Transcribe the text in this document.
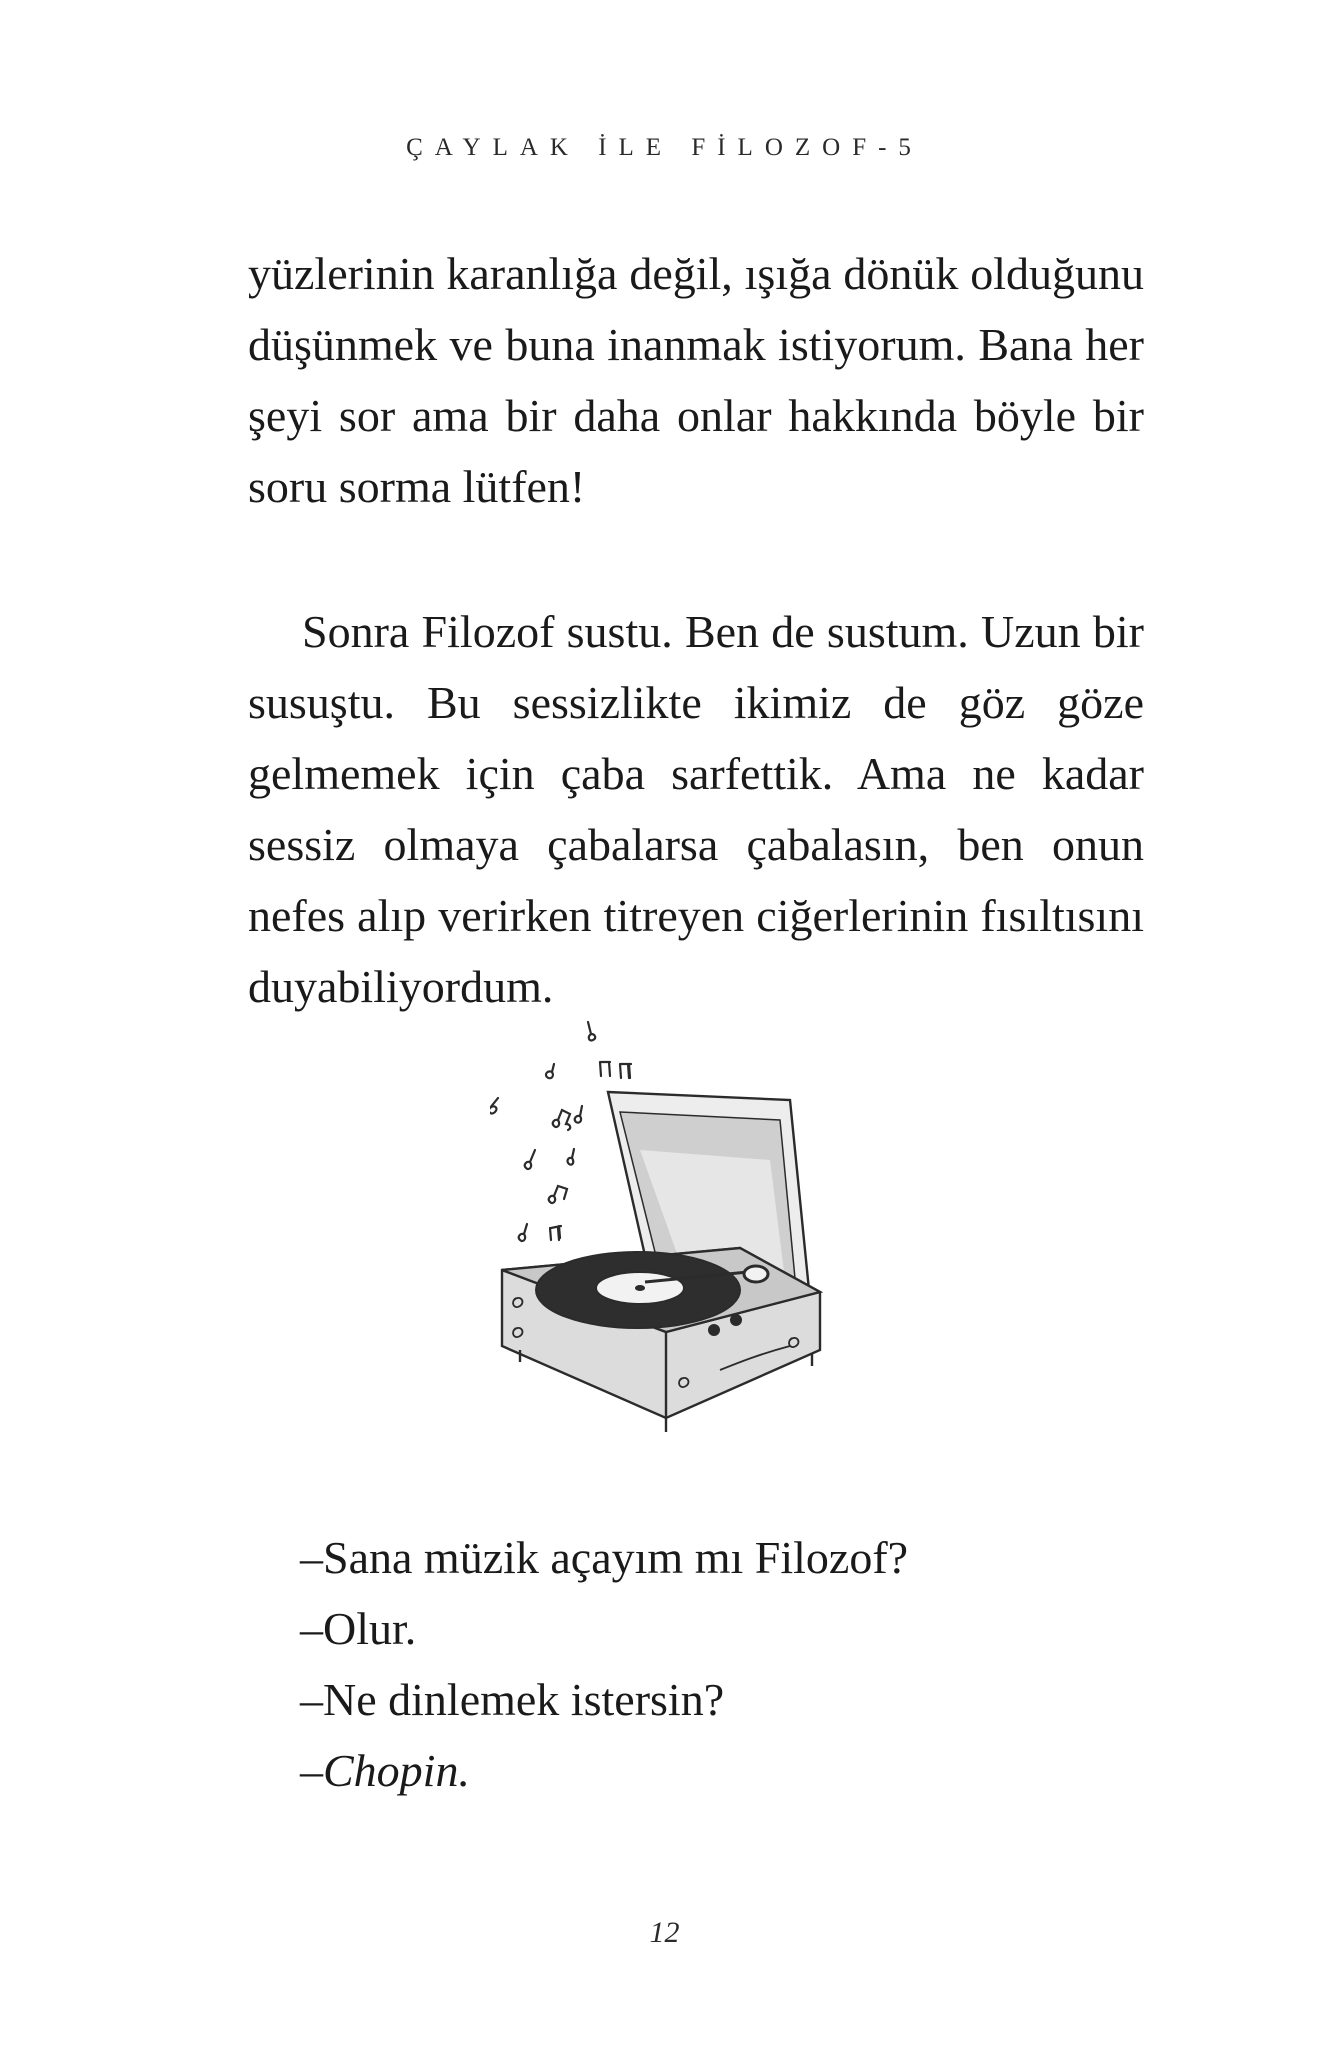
ÇAYLAK İLE FİLOZOF-5

yüzlerinin karanlığa değil, ışığa dönük olduğunu düşünmek ve buna inanmak istiyorum. Bana her şeyi sor ama bir daha onlar hakkında böyle bir soru sorma lütfen!

Sonra Filozof sustu. Ben de sustum. Uzun bir susuştu. Bu sessizlikte ikimiz de göz göze gelmemek için çaba sarfettik. Ama ne kadar sessiz olmaya çabalarsa çabalasın, ben onun nefes alıp verirken titreyen ciğerlerinin fısıltısını duyabiliyordum.

–Sana müzik açayım mı Filozof?
–Olur.
–Ne dinlemek istersin?
–Chopin.
12
